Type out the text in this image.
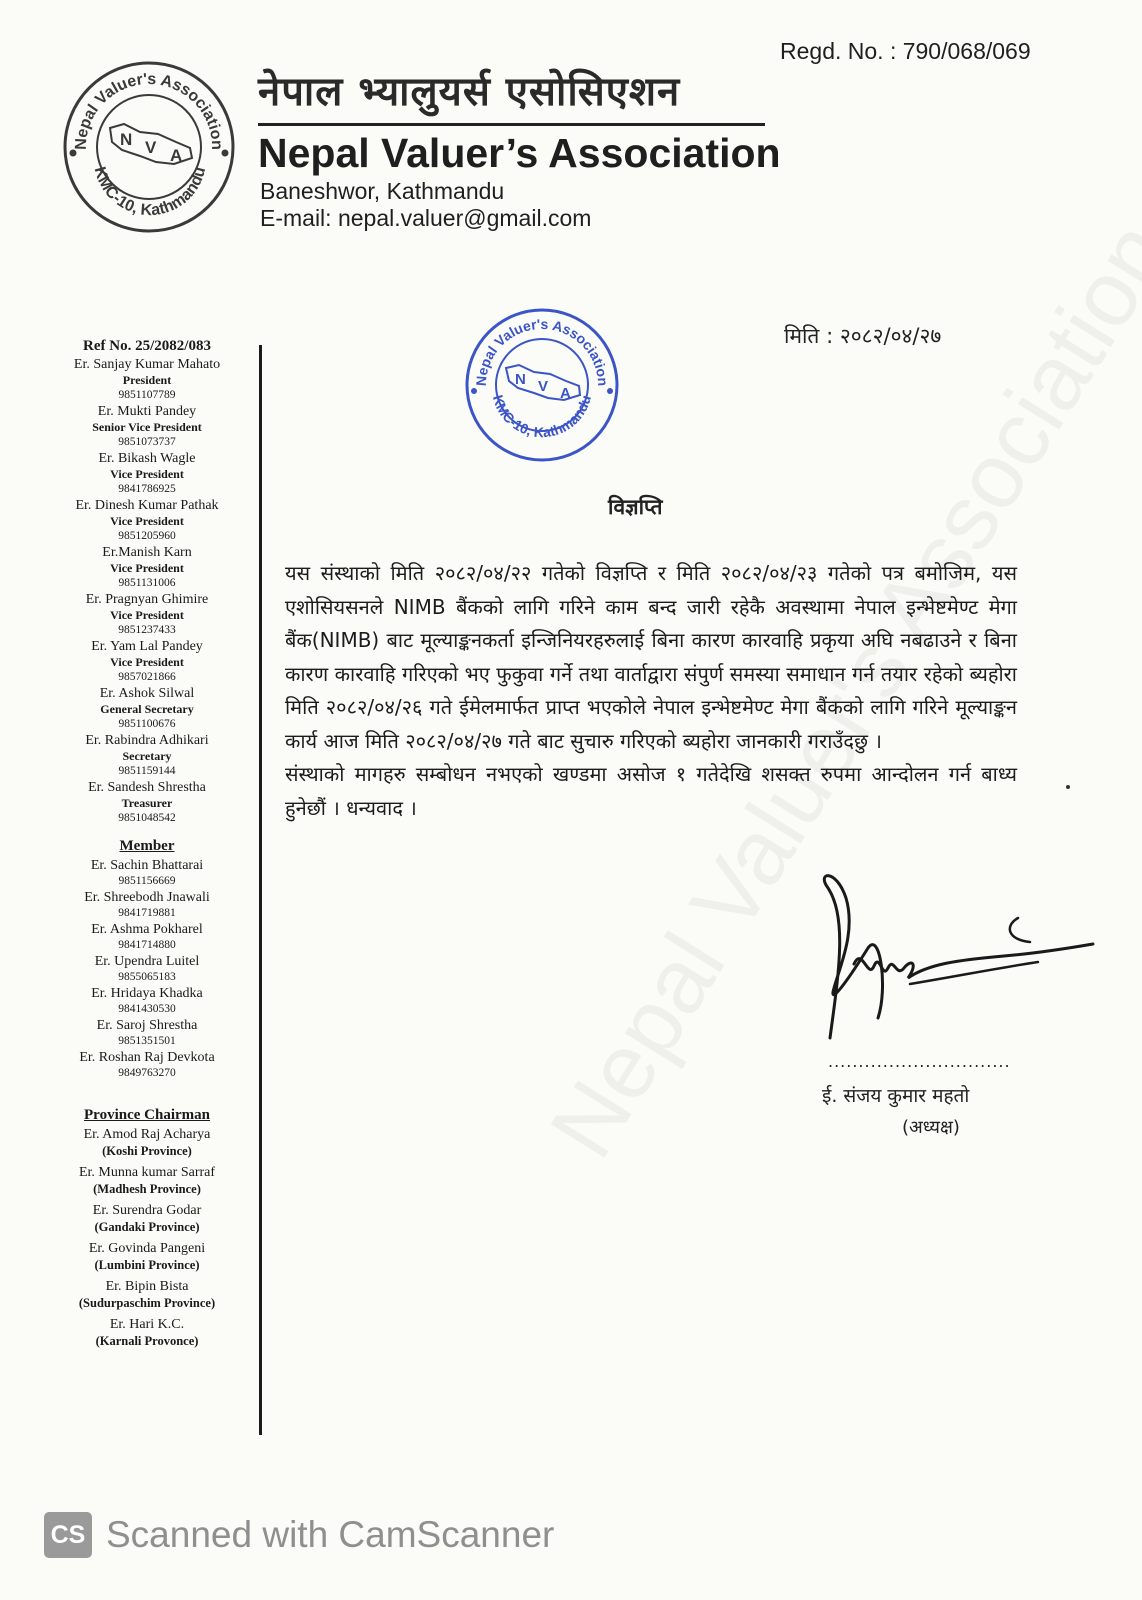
Nepal Valuer's Association
KMC-10, Kathmandu
N V A
नेपाल भ्यालुयर्स एसोसिएशन
Nepal Valuer’s Association
Baneshwor, Kathmandu
E-mail: nepal.valuer@gmail.com
Regd. No. : 790/068/069
Ref No. 25/2082/083
Er. Sanjay Kumar Mahato
President
9851107789
Er. Mukti Pandey
Senior Vice President
9851073737
Er. Bikash Wagle
Vice President
9841786925
Er. Dinesh Kumar Pathak
Vice President
9851205960
Er.Manish Karn
Vice President
9851131006
Er. Pragnyan Ghimire
Vice President
9851237433
Er. Yam Lal Pandey
Vice President
9857021866
Er. Ashok Silwal
General Secretary
9851100676
Er. Rabindra Adhikari
Secretary
9851159144
Er. Sandesh Shrestha
Treasurer
9851048542
Member
Er. Sachin Bhattarai
9851156669
Er. Shreebodh Jnawali
9841719881
Er. Ashma Pokharel
9841714880
Er. Upendra Luitel
9855065183
Er. Hridaya Khadka
9841430530
Er. Saroj Shrestha
9851351501
Er. Roshan Raj Devkota
9849763270
Province Chairman
Er. Amod Raj Acharya
(Koshi Province)
Er. Munna kumar Sarraf
(Madhesh Province)
Er. Surendra Godar
(Gandaki Province)
Er. Govinda Pangeni
(Lumbini Province)
Er. Bipin Bista
(Sudurpaschim Province)
Er. Hari K.C.
(Karnali Provonce)
Nepal Valuer's Association
KMC-10, Kathmandu
N V A
मिति : २०८२/०४/२७
विज्ञप्ति

यस संस्थाको मिति २०८२/०४/२२ गतेको विज्ञप्ति र मिति २०८२/०४/२३ गतेको पत्र बमोजिम, यस एशोसियसनले NIMB बैंकको लागि गरिने काम बन्द जारी रहेकै अवस्थामा नेपाल इन्भेष्टमेण्ट मेगा बैंक(NIMB) बाट मूल्याङ्कनकर्ता इन्जिनियरहरुलाई बिना कारण कारवाहि प्रकृया अघि नबढाउने र बिना कारण कारवाहि गरिएको भए फुकुवा गर्ने तथा वार्ताद्वारा संपुर्ण समस्या समाधान गर्न तयार रहेको ब्यहोरा मिति २०८२/०४/२६ गते ईमेलमार्फत प्राप्त भएकोले नेपाल इन्भेष्टमेण्ट मेगा बैंकको लागि गरिने मूल्याङ्कन कार्य आज मिति २०८२/०४/२७ गते बाट सुचारु गरिएको ब्यहोरा जानकारी गराउँदछु ।

संस्थाको मागहरु सम्बोधन नभएको खण्डमा असोज १ गतेदेखि शसक्त रुपमा आन्दोलन गर्न बाध्य हुनेछौं । धन्यवाद ।

..............................
ई. संजय कुमार महतो
(अध्यक्ष)
CS Scanned with CamScanner
